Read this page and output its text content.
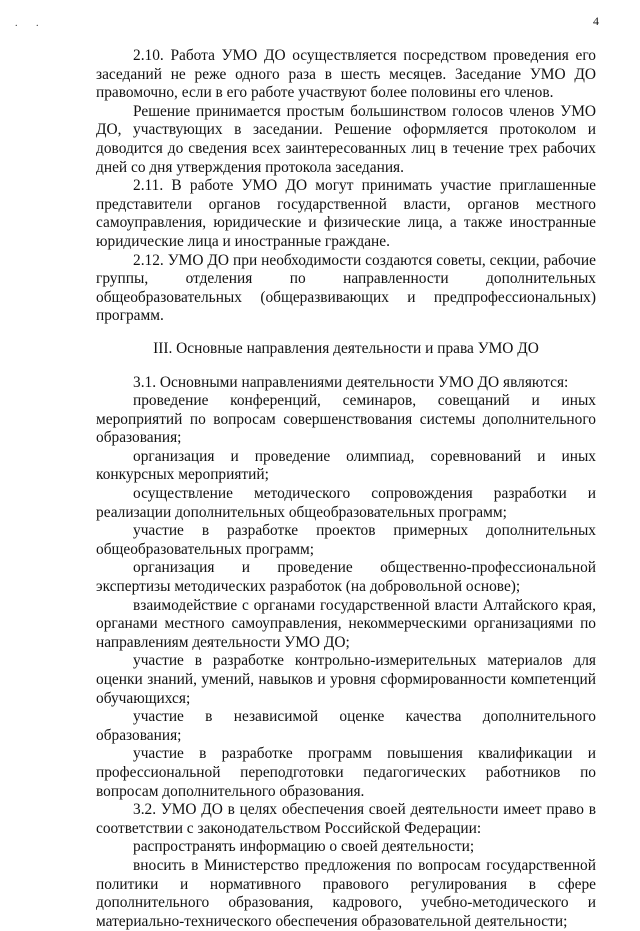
. .	4

2.10. Работа УМО ДО осуществляется посредством проведения его заседаний не реже одного раза в шесть месяцев. Заседание УМО ДО правомочно, если в его работе участвуют более половины его членов.

Решение принимается простым большинством голосов членов УМО ДО, участвующих в заседании. Решение оформляется протоколом и доводится до сведения всех заинтересованных лиц в течение трех рабочих дней со дня утверждения протокола заседания.

2.11. В работе УМО ДО могут принимать участие приглашенные представители органов государственной власти, органов местного самоуправления, юридические и физические лица, а также иностранные юридические лица и иностранные граждане.

2.12. УМО ДО при необходимости создаются советы, секции, рабочие группы, отделения по направленности дополнительных общеобразовательных (общеразвивающих и предпрофессиональных) программ.

III. Основные направления деятельности и права УМО ДО

3.1. Основными направлениями деятельности УМО ДО являются:

проведение конференций, семинаров, совещаний и иных мероприятий по вопросам совершенствования системы дополнительного образования;

организация и проведение олимпиад, соревнований и иных конкурсных мероприятий;

осуществление методического сопровождения разработки и реализации дополнительных общеобразовательных программ;

участие в разработке проектов примерных дополнительных общеобразовательных программ;

организация и проведение общественно-профессиональной экспертизы методических разработок (на добровольной основе);

взаимодействие с органами государственной власти Алтайского края, органами местного самоуправления, некоммерческими организациями по направлениям деятельности УМО ДО;

участие в разработке контрольно-измерительных материалов для оценки знаний, умений, навыков и уровня сформированности компетенций обучающихся;

участие в независимой оценке качества дополнительного образования;

участие в разработке программ повышения квалификации и профессиональной переподготовки педагогических работников по вопросам дополнительного образования.

3.2. УМО ДО в целях обеспечения своей деятельности имеет право в соответствии с законодательством Российской Федерации:

распространять информацию о своей деятельности;

вносить в Министерство предложения по вопросам государственной политики и нормативного правового регулирования в сфере дополнительного образования, кадрового, учебно-методического и материально-технического обеспечения образовательной деятельности;
